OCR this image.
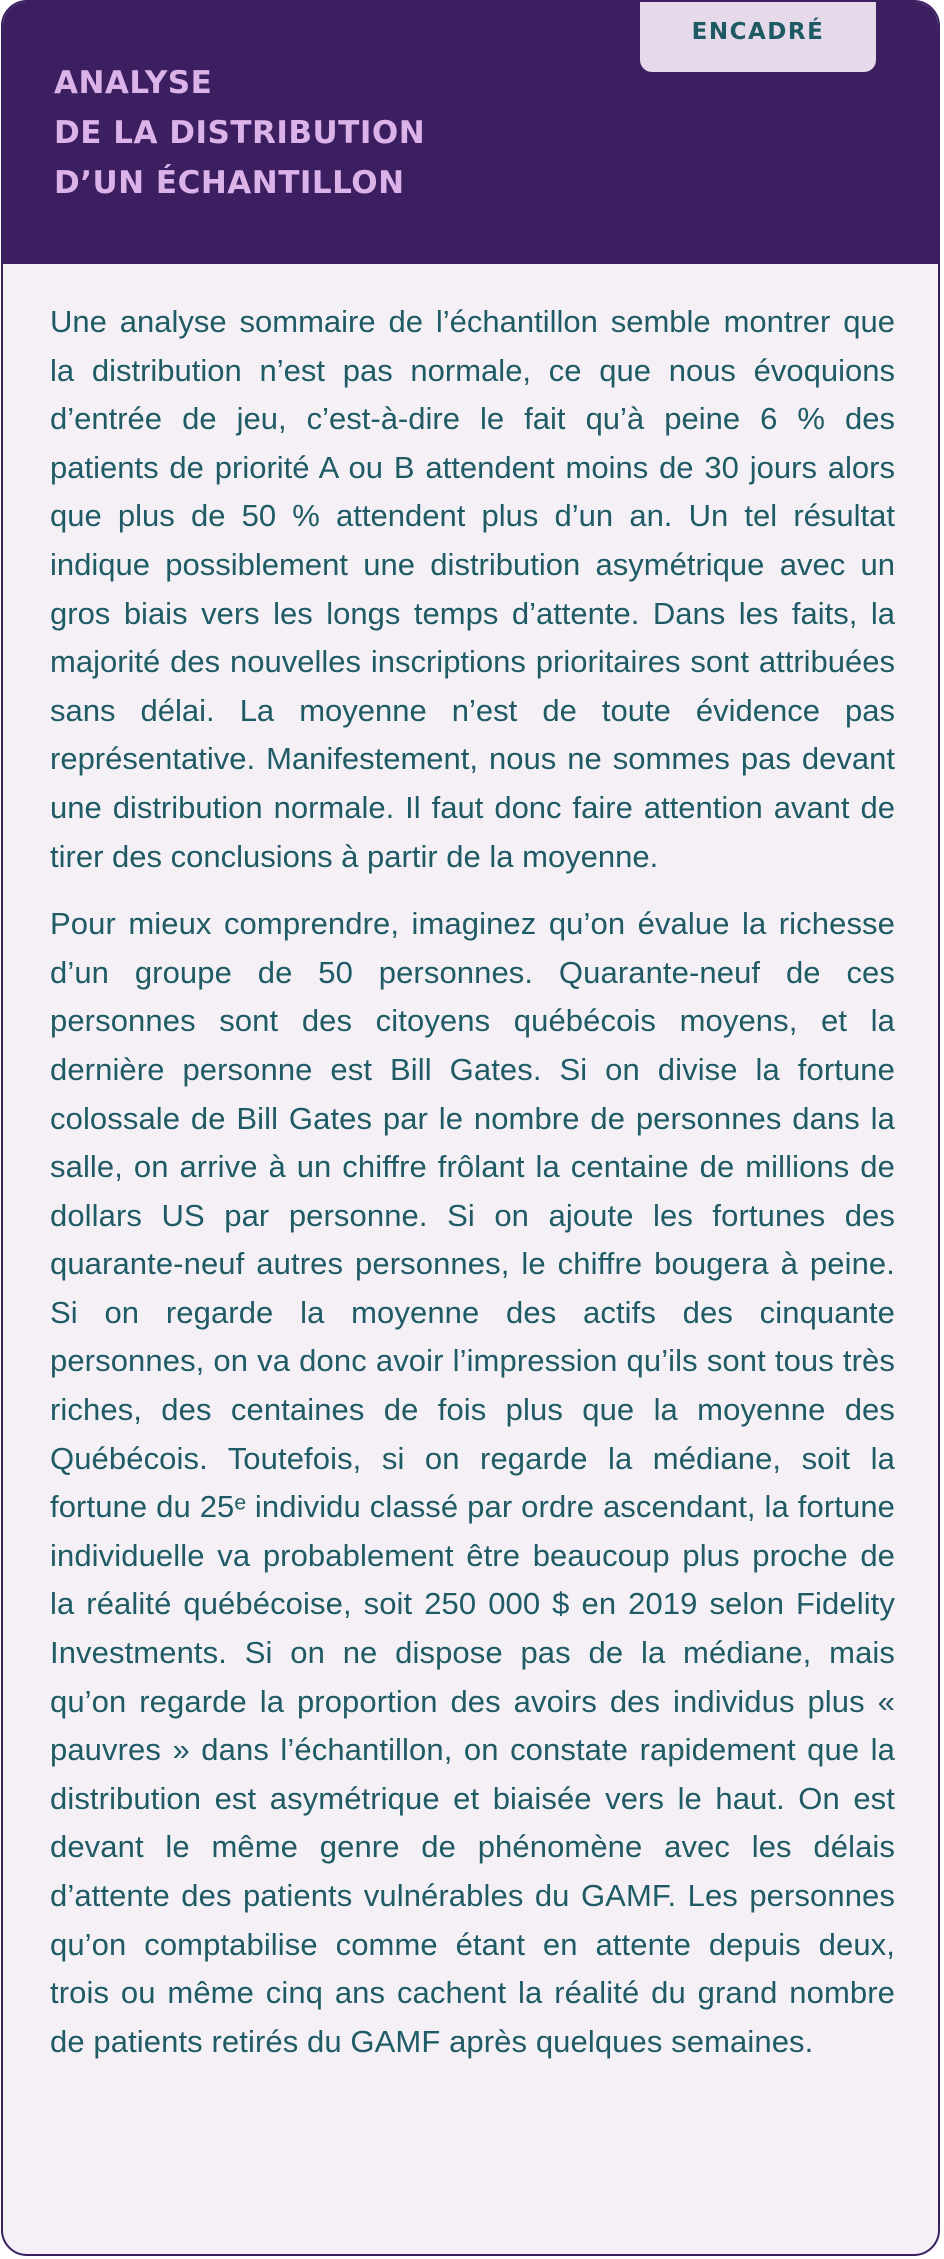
ANALYSE
DE LA DISTRIBUTION
D’UN ÉCHANTILLON
ENCADRÉ

Une analyse sommaire de l’échantillon semble montrer que la distribution n’est pas normale, ce que nous évoquions d’entrée de jeu, c’est-à-dire le fait qu’à peine 6 % des patients de priorité A ou B attendent moins de 30 jours alors que plus de 50 % attendent plus d’un an. Un tel résultat indique possiblement une distribution asymétrique avec un gros biais vers les longs temps d’attente. Dans les faits, la majorité des nouvelles inscriptions prioritaires sont attribuées sans délai. La moyenne n’est de toute évidence pas représentative. Manifestement, nous ne sommes pas devant une distribution normale. Il faut donc faire attention avant de tirer des conclusions à partir de la moyenne.

Pour mieux comprendre, imaginez qu’on évalue la richesse d’un groupe de 50 personnes. Quarante-neuf de ces personnes sont des citoyens québécois moyens, et la dernière personne est Bill Gates. Si on divise la fortune colossale de Bill Gates par le nombre de personnes dans la salle, on arrive à un chiffre frôlant la centaine de millions de dollars US par personne. Si on ajoute les fortunes des quarante-neuf autres personnes, le chiffre bougera à peine. Si on regarde la moyenne des actifs des cinquante personnes, on va donc avoir l’impression qu’ils sont tous très riches, des centaines de fois plus que la moyenne des Québécois. Toutefois, si on regarde la médiane, soit la fortune du 25ᵉ individu classé par ordre ascendant, la fortune individuelle va probablement être beaucoup plus proche de la réalité québécoise, soit 250 000 $ en 2019 selon Fidelity Investments. Si on ne dispose pas de la médiane, mais qu’on regarde la proportion des avoirs des individus plus « pauvres » dans l’échantillon, on constate rapidement que la distribution est asymétrique et biaisée vers le haut. On est devant le même genre de phénomène avec les délais d’attente des patients vulnérables du GAMF. Les personnes qu’on comptabilise comme étant en attente depuis deux, trois ou même cinq ans cachent la réalité du grand nombre de patients retirés du GAMF après quelques semaines.
